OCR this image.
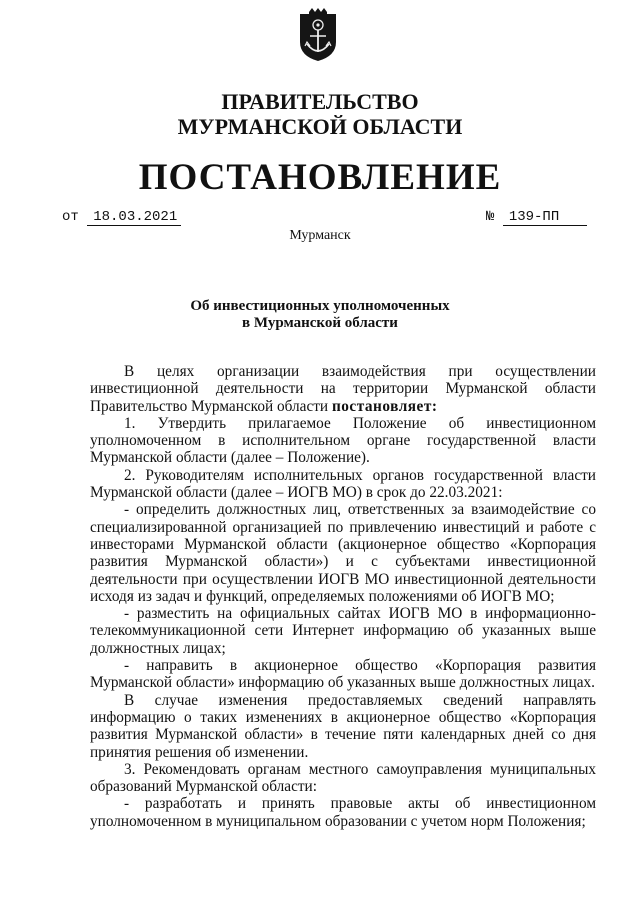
ПРАВИТЕЛЬСТВО
МУРМАНСКОЙ ОБЛАСТИ
ПОСТАНОВЛЕНИЕ
от 18.03.2021	№ 139-ПП
Мурманск
Об инвестиционных уполномоченных
в Мурманской области

В целях организации взаимодействия при осуществлении инвестиционной деятельности на территории Мурманской области Правительство Мурманской области постановляет:

1. Утвердить прилагаемое Положение об инвестиционном уполномоченном в исполнительном органе государственной власти Мурманской области (далее – Положение).

2. Руководителям исполнительных органов государственной власти Мурманской области (далее – ИОГВ МО) в срок до 22.03.2021:

- определить должностных лиц, ответственных за взаимодействие со специализированной организацией по привлечению инвестиций и работе с инвесторами Мурманской области (акционерное общество «Корпорация развития Мурманской области») и с субъектами инвестиционной деятельности при осуществлении ИОГВ МО инвестиционной деятельности исходя из задач и функций, определяемых положениями об ИОГВ МО;

- разместить на официальных сайтах ИОГВ МО в информационно-телекоммуникационной сети Интернет информацию об указанных выше должностных лицах;

- направить в акционерное общество «Корпорация развития Мурманской области» информацию об указанных выше должностных лицах.

В случае изменения предоставляемых сведений направлять информацию о таких изменениях в акционерное общество «Корпорация развития Мурманской области» в течение пяти календарных дней со дня принятия решения об изменении.

3. Рекомендовать органам местного самоуправления муниципальных образований Мурманской области:

- разработать и принять правовые акты об инвестиционном уполномоченном в муниципальном образовании с учетом норм Положения;
